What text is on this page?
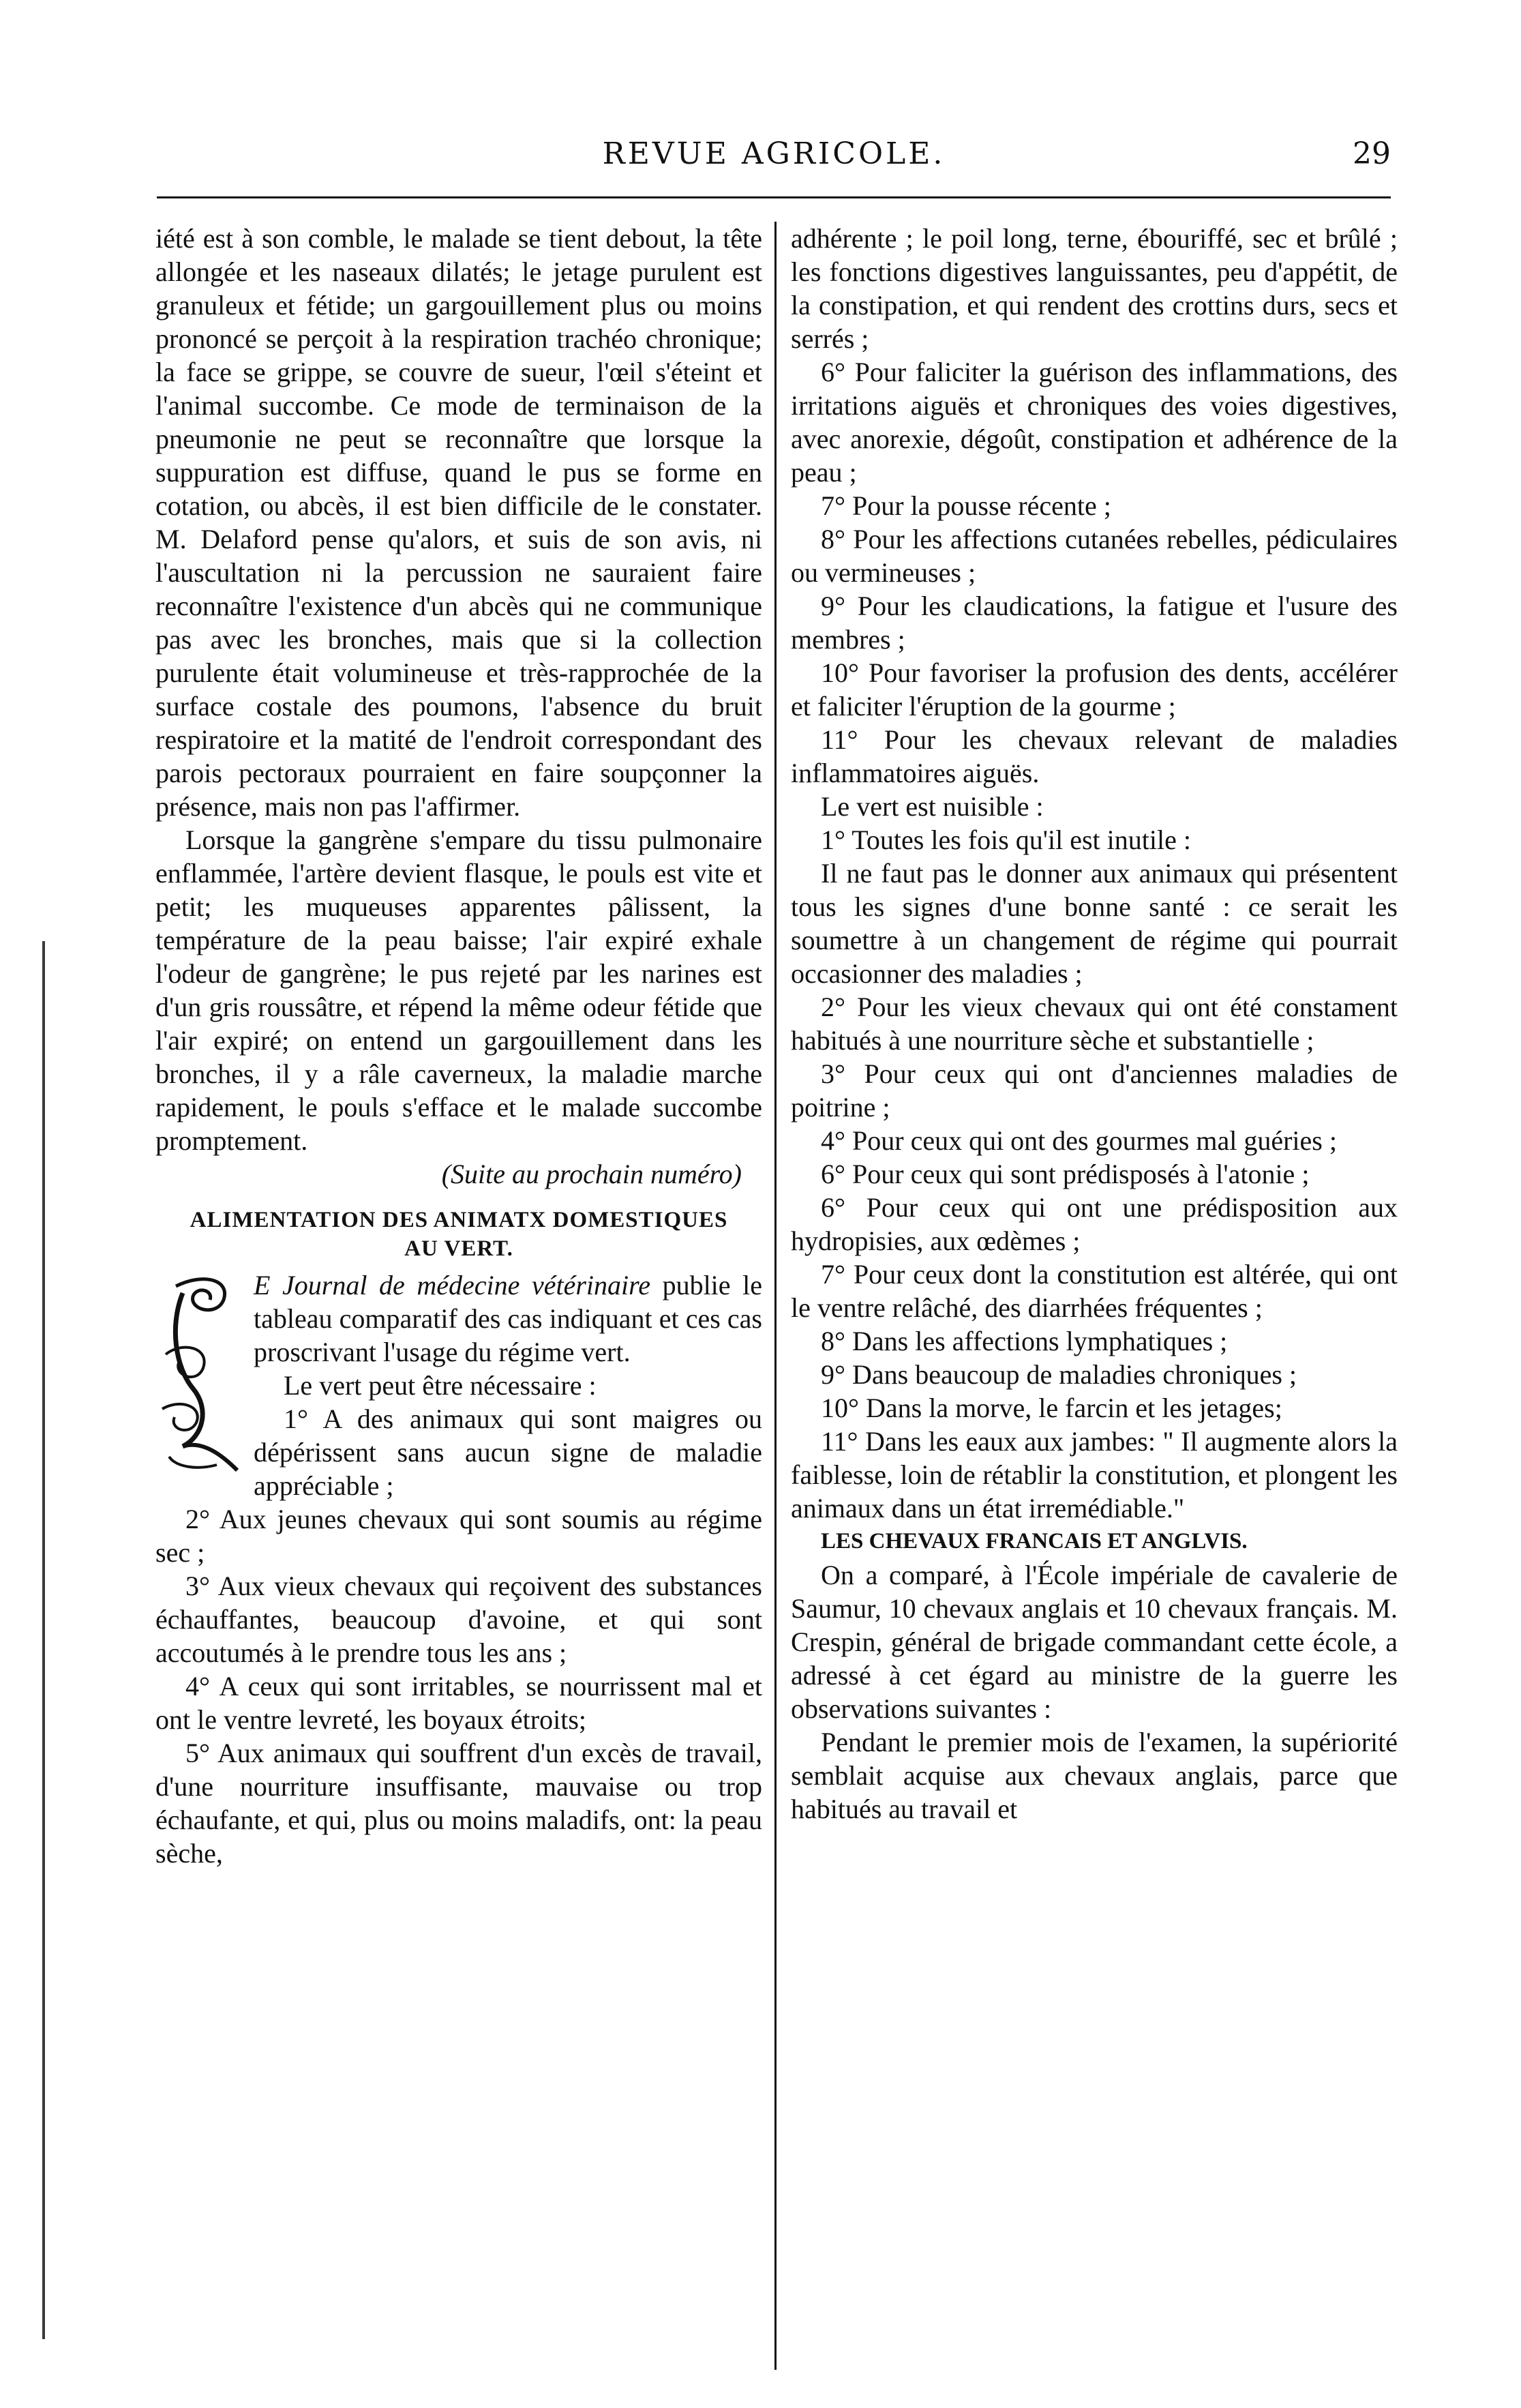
REVUE AGRICOLE.	29

iété est à son comble, le malade se tient debout, la tête allongée et les naseaux dilatés; le jetage purulent est granuleux et fétide; un gargouillement plus ou moins prononcé se perçoit à la respiration trachéo chronique; la face se grippe, se couvre de sueur, l'œil s'éteint et l'animal succombe. Ce mode de terminaison de la pneumonie ne peut se reconnaître que lorsque la suppuration est diffuse, quand le pus se forme en cotation, ou abcès, il est bien difficile de le constater. M. Delaford pense qu'alors, et suis de son avis, ni l'auscultation ni la percussion ne sauraient faire reconnaître l'existence d'un abcès qui ne communique pas avec les bronches, mais que si la collection purulente était volumineuse et très-rapprochée de la surface costale des poumons, l'absence du bruit respiratoire et la matité de l'endroit correspondant des parois pectoraux pourraient en faire soupçonner la présence, mais non pas l'affirmer.

Lorsque la gangrène s'empare du tissu pulmonaire enflammée, l'artère devient flasque, le pouls est vite et petit; les muqueuses apparentes pâlissent, la température de la peau baisse; l'air expiré exhale l'odeur de gangrène; le pus rejeté par les narines est d'un gris roussâtre, et répend la même odeur fétide que l'air expiré; on entend un gargouillement dans les bronches, il y a râle caverneux, la maladie marche rapidement, le pouls s'efface et le malade succombe promptement.

(Suite au prochain numéro)

ALIMENTATION DES ANIMATX DOMESTIQUES AU VERT.

E Journal de médecine vétérinaire publie le tableau comparatif des cas indiquant et ces cas proscrivant l'usage du régime vert.

Le vert peut être nécessaire :

1° A des animaux qui sont maigres ou dépérissent sans aucun signe de maladie appréciable ;

2° Aux jeunes chevaux qui sont soumis au régime sec ;

3° Aux vieux chevaux qui reçoivent des substances échauffantes, beaucoup d'avoine, et qui sont accoutumés à le prendre tous les ans ;

4° A ceux qui sont irritables, se nourrissent mal et ont le ventre levreté, les boyaux étroits;

5° Aux animaux qui souffrent d'un excès de travail, d'une nourriture insuffisante, mauvaise ou trop échaufante, et qui, plus ou moins maladifs, ont: la peau sèche,

adhérente ; le poil long, terne, ébouriffé, sec et brûlé ; les fonctions digestives languissantes, peu d'appétit, de la constipation, et qui rendent des crottins durs, secs et serrés ;

6° Pour faliciter la guérison des inflammations, des irritations aiguës et chroniques des voies digestives, avec anorexie, dégoût, constipation et adhérence de la peau ;

7° Pour la pousse récente ;

8° Pour les affections cutanées rebelles, pédiculaires ou vermineuses ;

9° Pour les claudications, la fatigue et l'usure des membres ;

10° Pour favoriser la profusion des dents, accélérer et faliciter l'éruption de la gourme ;

11° Pour les chevaux relevant de maladies inflammatoires aiguës.

Le vert est nuisible :

1° Toutes les fois qu'il est inutile :

Il ne faut pas le donner aux animaux qui présentent tous les signes d'une bonne santé : ce serait les soumettre à un changement de régime qui pourrait occasionner des maladies ;

2° Pour les vieux chevaux qui ont été constament habitués à une nourriture sèche et substantielle ;

3° Pour ceux qui ont d'anciennes maladies de poitrine ;

4° Pour ceux qui ont des gourmes mal guéries ;

6° Pour ceux qui sont prédisposés à l'atonie ;

6° Pour ceux qui ont une prédisposition aux hydropisies, aux œdèmes ;

7° Pour ceux dont la constitution est altérée, qui ont le ventre relâché, des diarrhées fréquentes ;

8° Dans les affections lymphatiques ;

9° Dans beaucoup de maladies chroniques ;

10° Dans la morve, le farcin et les jetages;

11° Dans les eaux aux jambes: " Il augmente alors la faiblesse, loin de rétablir la constitution, et plongent les animaux dans un état irremédiable."

LES CHEVAUX FRANCAIS ET ANGLVIS.

On a comparé, à l'École impériale de cavalerie de Saumur, 10 chevaux anglais et 10 chevaux français. M. Crespin, général de brigade commandant cette école, a adressé à cet égard au ministre de la guerre les observations suivantes :

Pendant le premier mois de l'examen, la supériorité semblait acquise aux chevaux anglais, parce que habitués au travail et
